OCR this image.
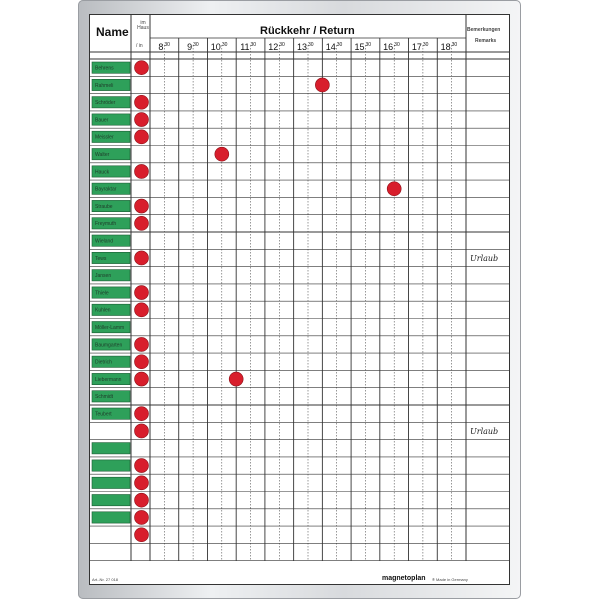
Name
im Haus
/ in
Rückkehr / Return	Bemerkungen
Remarks
Art.-Nr. 27 018	magnetoplan ® Made in Germany
8 30 9 30 10 30 11 30 12 30 13 30 14 30 15 30 16 30 17 30 18 30
Behrens
Rahmeli
Schröder
Bauer
Meissler
Walter
Hauck
Bayraktar
Straube
Freymuth
Wieland
Tews
Jansen
Thiele
Kuhlen
Möller-Lamm
Baumgarten
Dietrich
Liebermann
Schmidt
Teubert
Urlaub
Urlaub
